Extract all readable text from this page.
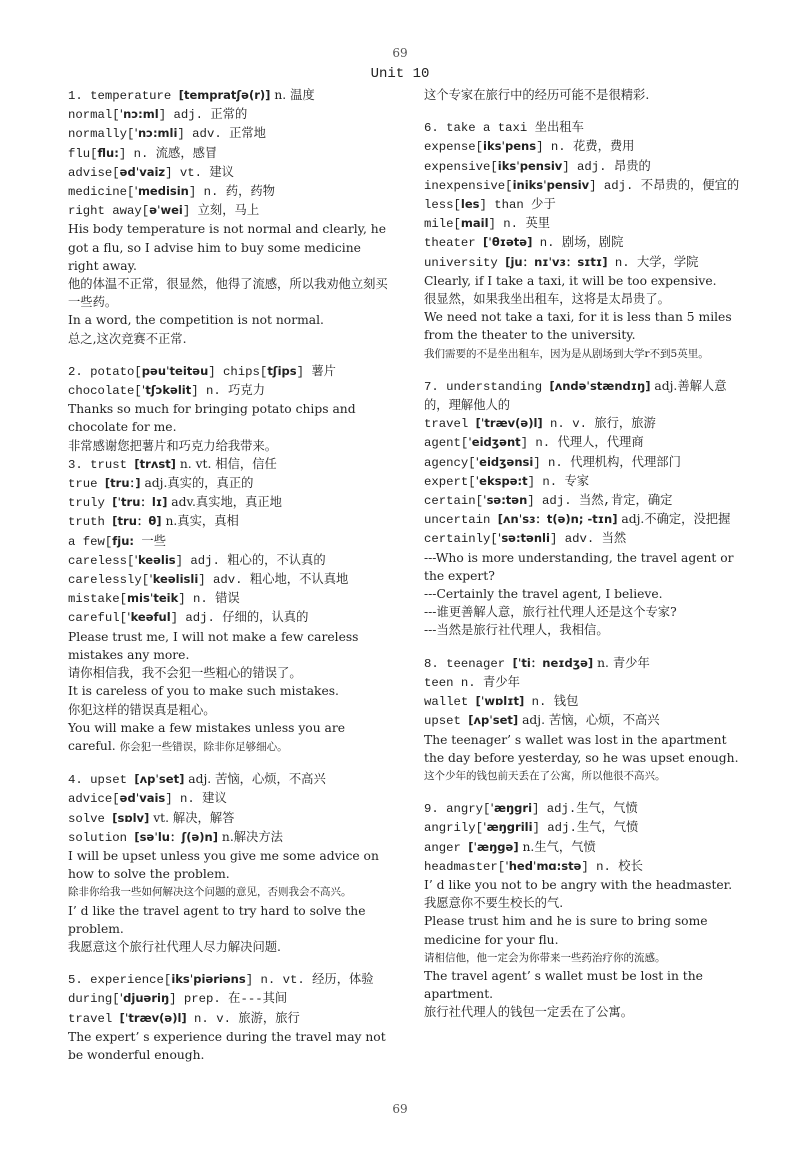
69
Unit 10

1. temperature [tempratʃə(r)] n. 温度

normal[ˈnɔ:ml] adj. 正常的

normally[ˈnɔ:mli] adv. 正常地

flu[flu:] n. 流感，感冒

advise[ədˈvaiz] vt. 建议

medicine[ˈmedisin] n. 药，药物

right away[əˈwei] 立刻，马上

His body temperature is not normal and clearly, he got a flu, so I advise him to buy some medicine right away.

他的体温不正常，很显然，他得了流感，所以我劝他立刻买一些药。

In a word, the competition is not normal.

总之,这次竞赛不正常.

2. potato[pəuˈteitəu] chips[tʃips] 薯片

chocolate[ˈtʃɔkəlit] n. 巧克力

Thanks so much for bringing potato chips and chocolate for me.

非常感谢您把薯片和巧克力给我带来。

3. trust [trʌst] n. vt. 相信，信任

true [tru：] adj.真实的，真正的

truly [ˈtru：lɪ] adv.真实地，真正地

truth [tru：θ] n.真实，真相

a few[fju: 一些

careless[ˈkeəlis] adj. 粗心的，不认真的

carelessly[ˈkeəlisli] adv. 粗心地，不认真地

mistake[misˈteik] n. 错误

careful[ˈkeəful] adj. 仔细的，认真的

Please trust me, I will not make a few careless mistakes any more.

请你相信我，我不会犯一些粗心的错误了。

It is careless of you to make such mistakes.

你犯这样的错误真是粗心。

You will make a few mistakes unless you are careful. 你会犯一些错误，除非你足够细心。

4. upset [ʌpˈset] adj. 苦恼，心烦，不高兴

advice[ədˈvais] n. 建议

solve [sɒlv] vt. 解决，解答

solution [səˈlu：ʃ(ə)n] n.解决方法

I will be upset unless you give me some advice on how to solve the problem.

除非你给我一些如何解决这个问题的意见，否则我会不高兴。

I’ d like the travel agent to try hard to solve the problem.

我愿意这个旅行社代理人尽力解决问题.

5. experience[iksˈpiəriəns] n. vt. 经历，体验

during[ˈdjuəriŋ] prep. 在---其间

travel [ˈtræv(ə)l] n. v. 旅游，旅行

The expert’ s experience during the travel may not be wonderful enough.

这个专家在旅行中的经历可能不是很精彩.

6. take a taxi 坐出租车

expense[iksˈpens] n. 花费，费用

expensive[iksˈpensiv] adj. 昂贵的

inexpensive[iniksˈpensiv] adj. 不昂贵的，便宜的

less[les] than 少于

mile[mail] n. 英里

theater [ˈθɪətə] n. 剧场，剧院

university [ju：nɪˈvɜ：sɪtɪ] n. 大学，学院

Clearly, if I take a taxi, it will be too expensive.

很显然，如果我坐出租车，这将是太昂贵了。

We need not take a taxi, for it is less than 5 miles from the theater to the university.

我们需要的不是坐出租车，因为是从剧场到大学r不到5英里。

7. understanding [ʌndəˈstændɪŋ] adj.善解人意的，理解他人的

travel [ˈtræv(ə)l] n. v. 旅行，旅游

agent[ˈeidʒənt] n. 代理人，代理商

agency[ˈeidʒənsi] n. 代理机构，代理部门

expert[ˈekspə:t] n. 专家

certain[ˈsə:tən] adj. 当然,肯定，确定

uncertain [ʌnˈsɜ：t(ə)n; -tɪn] adj.不确定，没把握

certainly[ˈsə:tənli] adv. 当然

---Who is more understanding, the travel agent or the expert?

---Certainly the travel agent, I believe.

---谁更善解人意，旅行社代理人还是这个专家?

---当然是旅行社代理人，我相信。

8. teenager [ˈti：neɪdʒə] n. 青少年

teen n. 青少年

wallet [ˈwɒlɪt] n. 钱包

upset [ʌpˈset] adj. 苦恼，心烦，不高兴

The teenager’ s wallet was lost in the apartment the day before yesterday, so he was upset enough.

这个少年的钱包前天丢在了公寓，所以他很不高兴。

9. angry[ˈæŋgri] adj.生气，气愤

angrily[ˈæŋgrili] adj.生气，气愤

anger [ˈæŋgə] n.生气，气愤

headmaster[ˈhedˈmɑ:stə] n. 校长

I’ d like you not to be angry with the headmaster.

我愿意你不要生校长的气.

Please trust him and he is sure to bring some medicine for your flu.

请相信他，他一定会为你带来一些药治疗你的流感。

The travel agent’ s wallet must be lost in the apartment.

旅行社代理人的钱包一定丢在了公寓。

69
